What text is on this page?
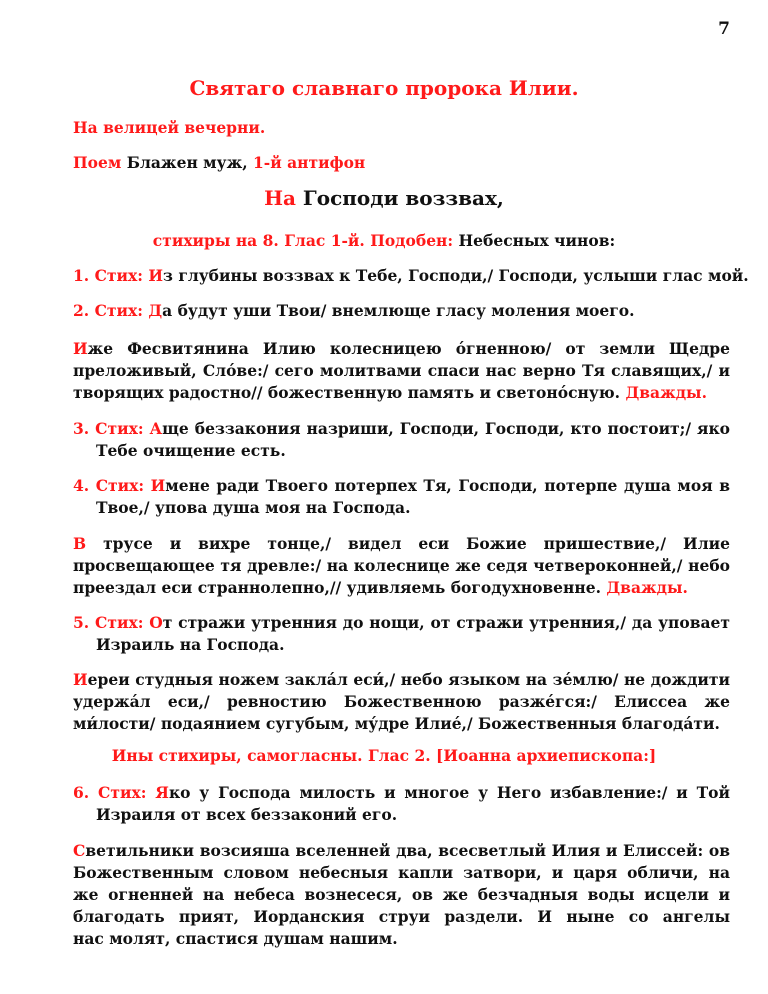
7
Святаго славнаго пророка Илии.
На велицей вечерни.
Поем Блажен муж, 1-й антифон
На Господи воззвах,
стихиры на 8. Глас 1-й. Подобен: Небесных чинов:
1. Стих: Из глубины воззвах к Тебе, Господи,/ Господи, услыши глас мой.
2. Стих: Да будут уши Твои/ внемлюще гласу моления моего.
Иже Фесвитянина Илию колесницею о́гненною/ от земли Щедре
преложивый, Сло́ве:/ сего молитвами спаси нас верно Тя славящих,/ и
творящих радостно// божественную память и светоно́сную. Дважды.
3. Стих: Аще беззакония назриши, Господи, Господи, кто постоит;/ яко
Тебе очищение есть.
4. Стих: Имене ради Твоего потерпех Тя, Господи, потерпе душа моя в
Твое,/ упова душа моя на Господа.
В трусе и вихре тонце,/ видел еси Божие пришествие,/ Илие
просвещающее тя древле:/ на колеснице же седя четвероконней,/ небо
преездал еси страннолепно,// удивляемь богодухновенне. Дважды.
5. Стих: От стражи утренния до нощи, от стражи утренния,/ да уповает
Израиль на Господа.
Иереи студныя ножем закла́л еси́,/ небо языком на зе́млю/ не дождити
удержа́л еси,/ ревностию Божественною разже́гся:/ Елиссеа же
ми́лости/ подаянием сугубым, му́дре Илие́,/ Божественныя благода́ти.
Ины стихиры, самогласны. Глас 2. [Иоанна архиепископа:]
6. Стих: Яко у Господа милость и многое у Него избавление:/ и Той
Израиля от всех беззаконий его.
Светильники возсияша вселенней два, всесветлый Илия и Елиссей: ов
Божественным словом небесныя капли затвори, и царя обличи, на
же огненней на небеса вознесеся, ов же безчадныя воды исцели и
благодать прият, Иорданския струи раздели. И ныне со ангелы
нас молят, спастися душам нашим.
